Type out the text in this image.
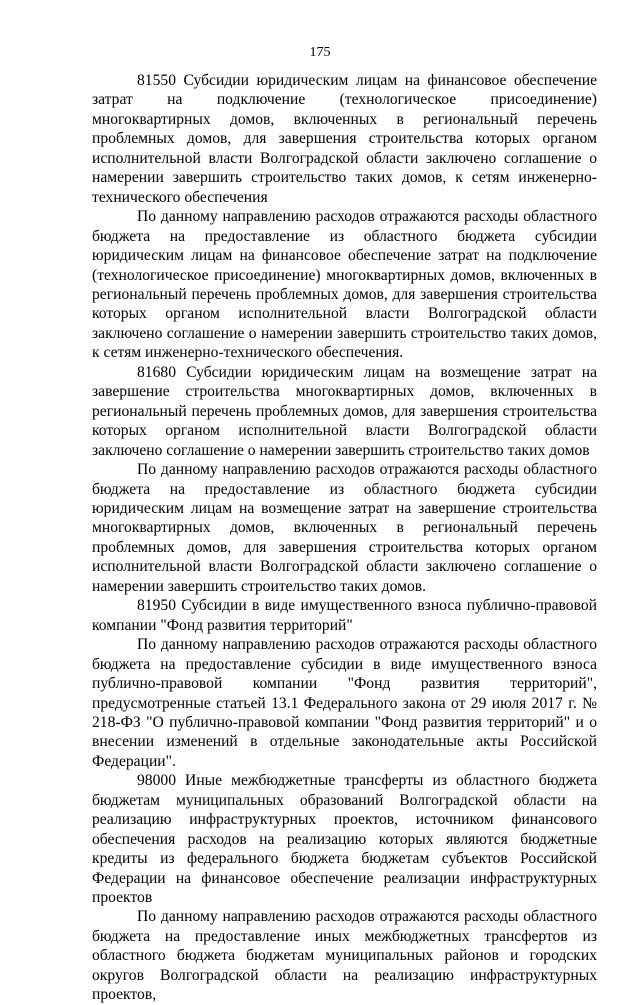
175

81550 Субсидии юридическим лицам на финансовое обеспечение затрат на подключение (технологическое присоединение) многоквартирных домов, включенных в региональный перечень проблемных домов, для завершения строительства которых органом исполнительной власти Волгоградской области заключено соглашение о намерении завершить строительство таких домов, к сетям инженерно-технического обеспечения

По данному направлению расходов отражаются расходы областного бюджета на предоставление из областного бюджета субсидии юридическим лицам на финансовое обеспечение затрат на подключение (технологическое присоединение) многоквартирных домов, включенных в региональный перечень проблемных домов, для завершения строительства которых органом исполнительной власти Волгоградской области заключено соглашение о намерении завершить строительство таких домов, к сетям инженерно-технического обеспечения.

81680 Субсидии юридическим лицам на возмещение затрат на завершение строительства многоквартирных домов, включенных в региональный перечень проблемных домов, для завершения строительства которых органом исполнительной власти Волгоградской области заключено соглашение о намерении завершить строительство таких домов

По данному направлению расходов отражаются расходы областного бюджета на предоставление из областного бюджета субсидии юридическим лицам на возмещение затрат на завершение строительства многоквартирных домов, включенных в региональный перечень проблемных домов, для завершения строительства которых органом исполнительной власти Волгоградской области заключено соглашение о намерении завершить строительство таких домов.

81950 Субсидии в виде имущественного взноса публично-правовой компании "Фонд развития территорий"

По данному направлению расходов отражаются расходы областного бюджета на предоставление субсидии в виде имущественного взноса публично-правовой компании "Фонд развития территорий", предусмотренные статьей 13.1 Федерального закона от 29 июля 2017 г. № 218-ФЗ "О публично-правовой компании "Фонд развития территорий" и о внесении изменений в отдельные законодательные акты Российской Федерации".

98000 Иные межбюджетные трансферты из областного бюджета бюджетам муниципальных образований Волгоградской области на реализацию инфраструктурных проектов, источником финансового обеспечения расходов на реализацию которых являются бюджетные кредиты из федерального бюджета бюджетам субъектов Российской Федерации на финансовое обеспечение реализации инфраструктурных проектов

По данному направлению расходов отражаются расходы областного бюджета на предоставление иных межбюджетных трансфертов из областного бюджета бюджетам муниципальных районов и городских округов Волгоградской области на реализацию инфраструктурных проектов,
